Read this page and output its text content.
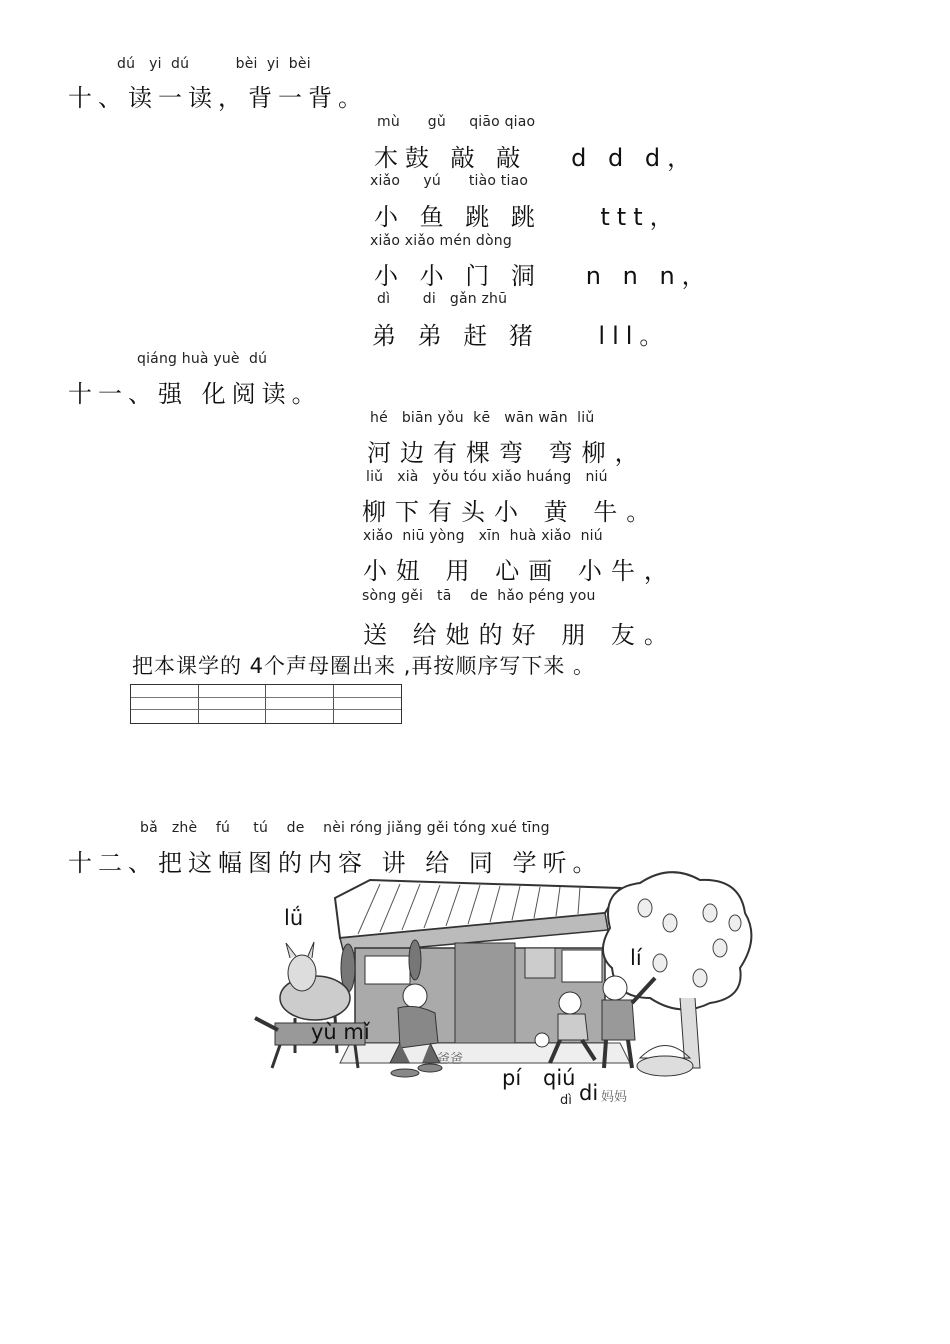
dú   yi  dú          bèi  yi  bèi
十、读一读，背一背。
mù      gǔ     qiāo qiao
木鼓 敲 敲   d d d，
xiǎo     yú      tiào tiao
小 鱼 跳 跳    ttt，
xiǎo xiǎo mén dòng
小 小 门 洞   n n n，
dì       di   gǎn zhū
弟 弟 赶 猪    lll。
qiáng huà yuè  dú
十一、强 化阅读。
hé   biān yǒu  kē   wān wān  liǔ
河边有棵弯 弯柳，
liǔ   xià   yǒu tóu xiǎo huáng   niú
柳下有头小 黄 牛。
xiǎo  niū yòng   xīn  huà xiǎo  niú
小妞 用 心画 小牛，
sòng gěi   tā    de  hǎo péng you
送 给她的好 朋 友。
把本课学的 4个声母圈出来 ,再按顺序写下来 。
bǎ   zhè    fú     tú    de    nèi róng jiǎng gěi tóng xué tīng
十二、把这幅图的内容 讲 给 同 学听。
lǘ
lí
yù mǐ
爸爸
pí qiú
dì di 妈妈
